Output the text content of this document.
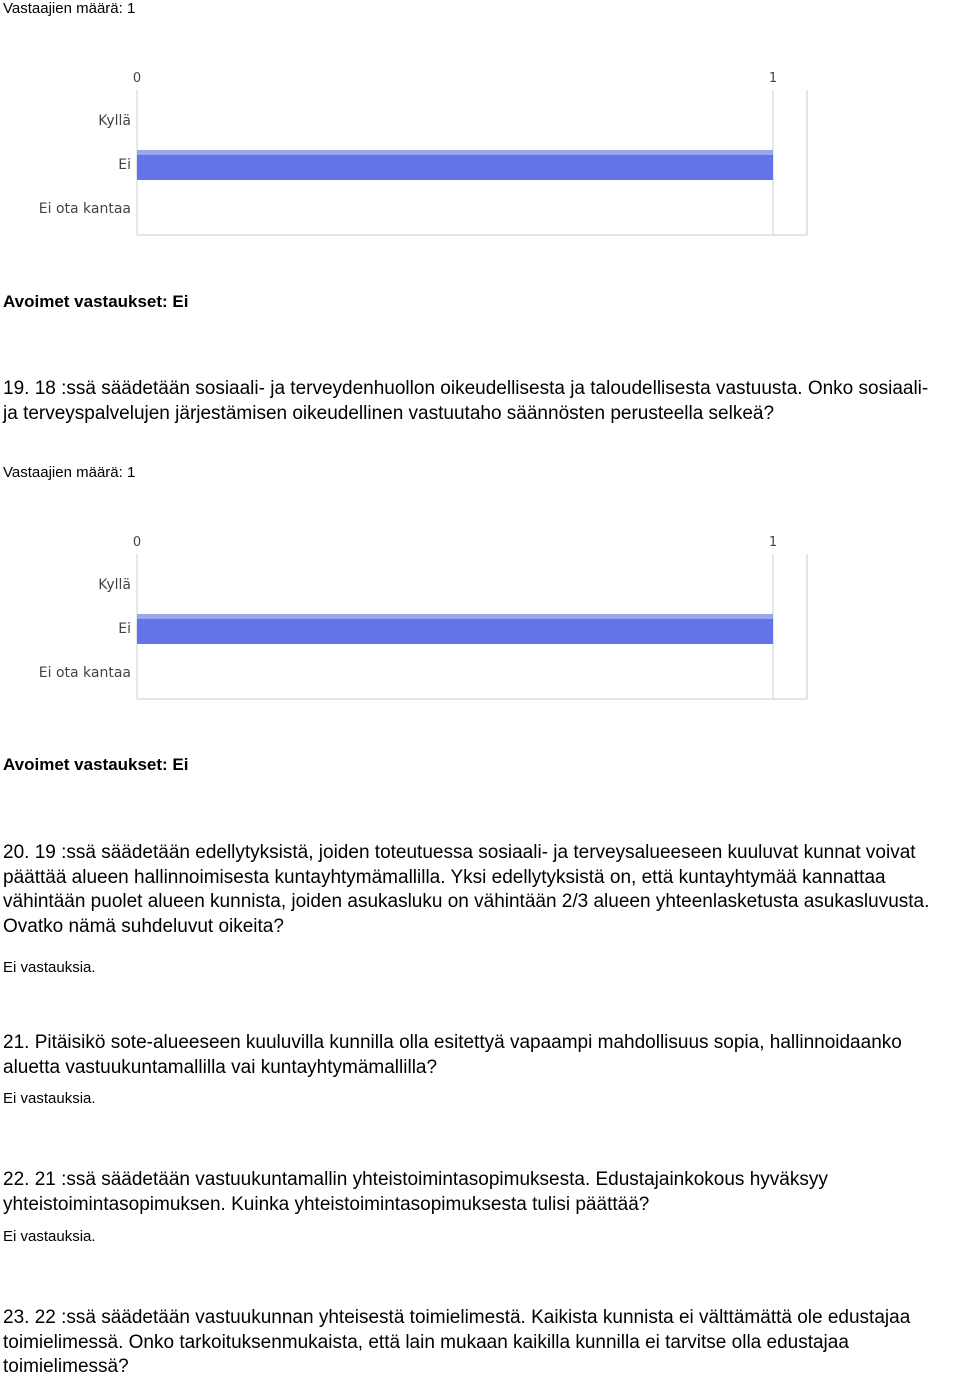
Vastaajien määrä: 1
0	1
Kyllä
Ei
Ei ota kantaa
Avoimet vastaukset: Ei
19. 18 :ssä säädetään sosiaali- ja terveydenhuollon oikeudellisesta ja taloudellisesta vastuusta. Onko sosiaali- ja terveyspalvelujen järjestämisen oikeudellinen vastuutaho säännösten perusteella selkeä?
Vastaajien määrä: 1
0	1
Kyllä
Ei
Ei ota kantaa
Avoimet vastaukset: Ei
20. 19 :ssä säädetään edellytyksistä, joiden toteutuessa sosiaali- ja terveysalueeseen kuuluvat kunnat voivat päättää alueen hallinnoimisesta kuntayhtymämallilla. Yksi edellytyksistä on, että kuntayhtymää kannattaa vähintään puolet alueen kunnista, joiden asukasluku on vähintään 2/3 alueen yhteenlasketusta asukasluvusta. Ovatko nämä suhdeluvut oikeita?
Ei vastauksia.
21. Pitäisikö sote-alueeseen kuuluvilla kunnilla olla esitettyä vapaampi mahdollisuus sopia, hallinnoidaanko aluetta vastuukuntamallilla vai kuntayhtymämallilla?
Ei vastauksia.
22. 21 :ssä säädetään vastuukuntamallin yhteistoimintasopimuksesta. Edustajainkokous hyväksyy yhteistoimintasopimuksen. Kuinka yhteistoimintasopimuksesta tulisi päättää?
Ei vastauksia.
23. 22 :ssä säädetään vastuukunnan yhteisestä toimielimestä. Kaikista kunnista ei välttämättä ole edustajaa toimielimessä. Onko tarkoituksenmukaista, että lain mukaan kaikilla kunnilla ei tarvitse olla edustajaa toimielimessä?
